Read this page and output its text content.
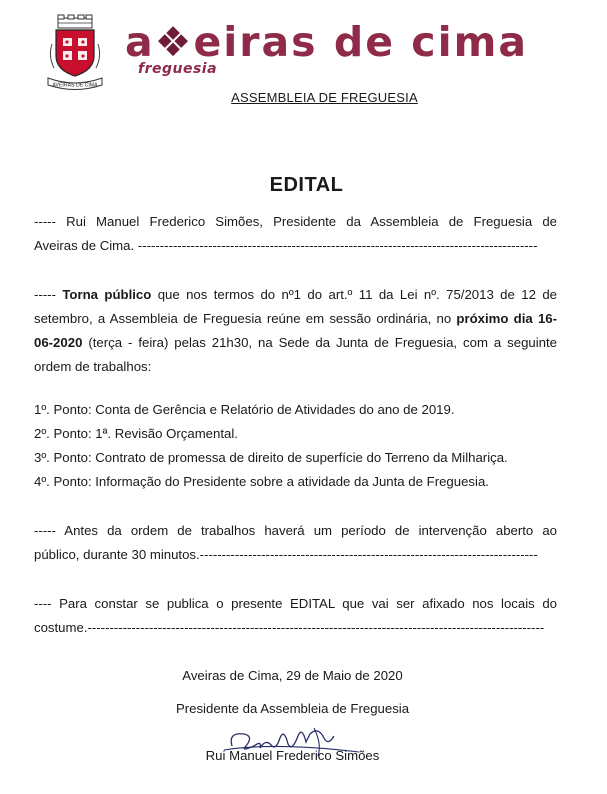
AVEIRAS DE CIMA
a❖eiras de cima
freguesia
ASSEMBLEIA DE FREGUESIA
EDITAL
----- Rui Manuel Frederico Simões, Presidente da Assembleia de Freguesia de
Aveiras de Cima. -------------------------------------------------------------------------------------------
----- Torna público que nos termos do nº1 do art.º 11 da Lei nº. 75/2013 de 12 de setembro, a Assembleia de Freguesia reúne em sessão ordinária, no próximo dia 16-06-2020 (terça - feira) pelas 21h30, na Sede da Junta de Freguesia, com a seguinte ordem de trabalhos:
1º. Ponto: Conta de Gerência e Relatório de Atividades do ano de 2019.
2º. Ponto: 1ª. Revisão Orçamental.
3º. Ponto: Contrato de promessa de direito de superfície do Terreno da Milhariça.
4º. Ponto: Informação do Presidente sobre a atividade da Junta de Freguesia.
----- Antes da ordem de trabalhos haverá um período de intervenção aberto ao
público, durante 30 minutos.-----------------------------------------------------------------------------
---- Para constar se publica o presente EDITAL que vai ser afixado nos locais do
costume.--------------------------------------------------------------------------------------------------------
Aveiras de Cima, 29 de Maio de 2020
Presidente da Assembleia de Freguesia
Rui Manuel Frederico Simões
